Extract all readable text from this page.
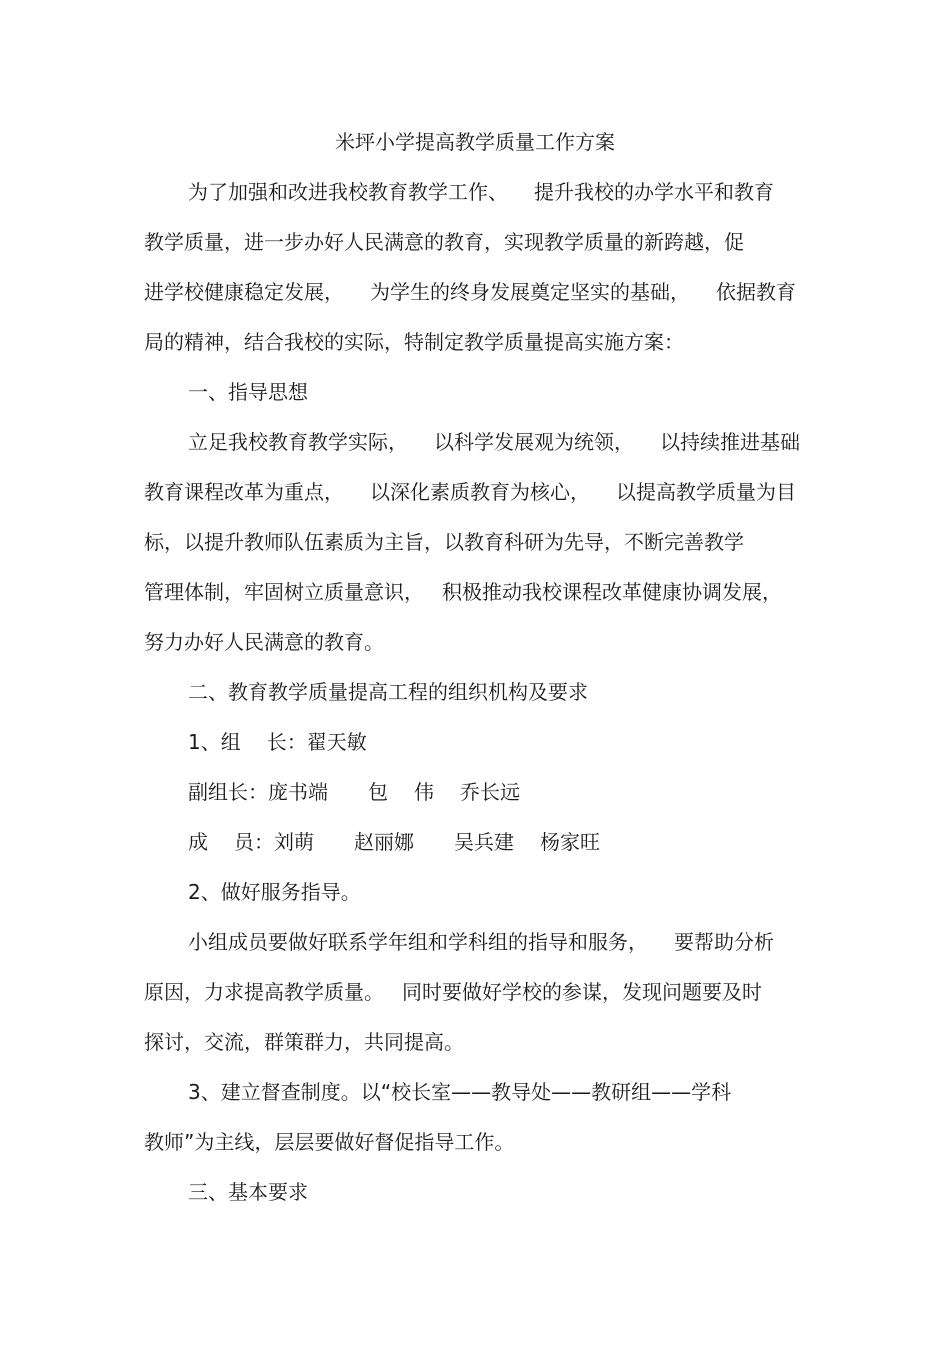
米坪小学提高教学质量工作方案
为了加强和改进我校教育教学工作、 提升我校的办学水平和教育
教学质量，进一步办好人民满意的教育，实现教学质量的新跨越，促
进学校健康稳定发展， 为学生的终身发展奠定坚实的基础， 依据教育
局的精神，结合我校的实际，特制定教学质量提高实施方案：
一、指导思想
立足我校教育教学实际， 以科学发展观为统领， 以持续推进基础
教育课程改革为重点， 以深化素质教育为核心， 以提高教学质量为目
标，以提升教师队伍素质为主旨，以教育科研为先导，不断完善教学
管理体制，牢固树立质量意识， 积极推动我校课程改革健康协调发展，
努力办好人民满意的教育。
二、教育教学质量提高工程的组织机构及要求
1、组 长：翟天敏
副组长：庞书端 包 伟 乔长远
成 员：刘萌 赵丽娜 吴兵建 杨家旺
2、做好服务指导。
小组成员要做好联系学年组和学科组的指导和服务， 要帮助分析
原因，力求提高教学质量。 同时要做好学校的参谋，发现问题要及时
探讨，交流，群策群力，共同提高。
3、建立督查制度。以“校长室——教导处——教研组——学科
教师”为主线，层层要做好督促指导工作。
三、基本要求
